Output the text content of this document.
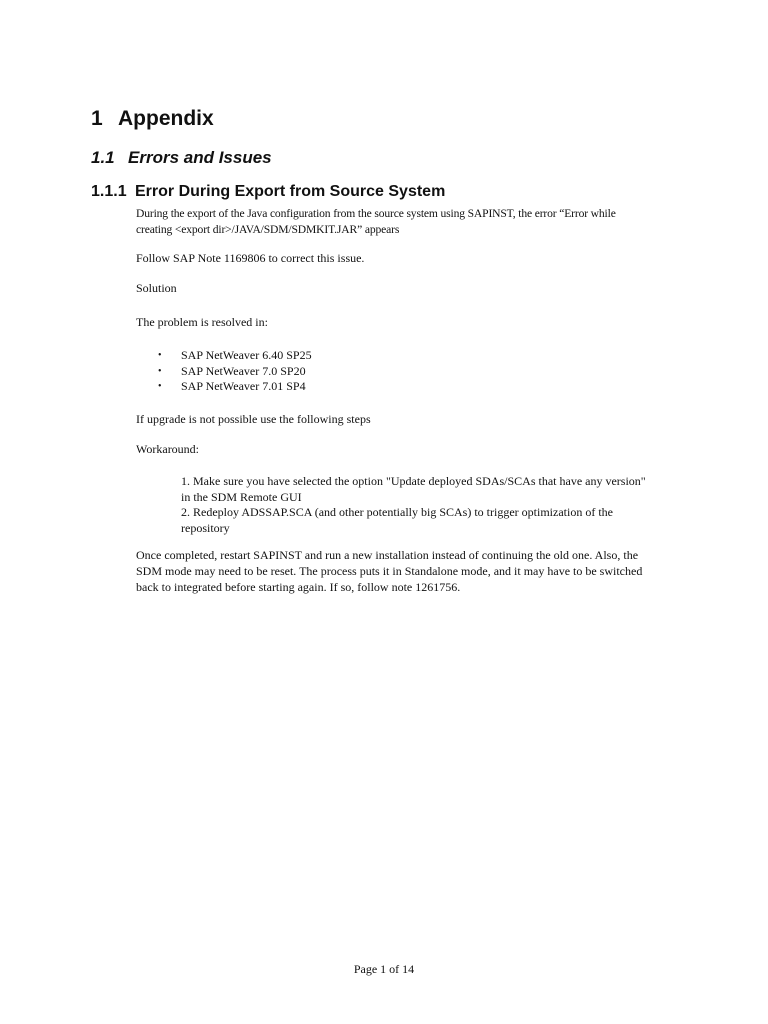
1 Appendix
1.1 Errors and Issues
1.1.1 Error During Export from Source System
During the export of the Java configuration from the source system using SAPINST, the error “Error while
creating <export dir>/JAVA/SDM/SDMKIT.JAR” appears
Follow SAP Note 1169806 to correct this issue.
Solution
The problem is resolved in:
• SAP NetWeaver 6.40 SP25
• SAP NetWeaver 7.0 SP20
• SAP NetWeaver 7.01 SP4
If upgrade is not possible use the following steps
Workaround:
1. Make sure you have selected the option "Update deployed SDAs/SCAs that have any version"
in the SDM Remote GUI
2. Redeploy ADSSAP.SCA (and other potentially big SCAs) to trigger optimization of the
repository
Once completed, restart SAPINST and run a new installation instead of continuing the old one. Also, the
SDM mode may need to be reset. The process puts it in Standalone mode, and it may have to be switched
back to integrated before starting again. If so, follow note 1261756.
Page 1 of 14
